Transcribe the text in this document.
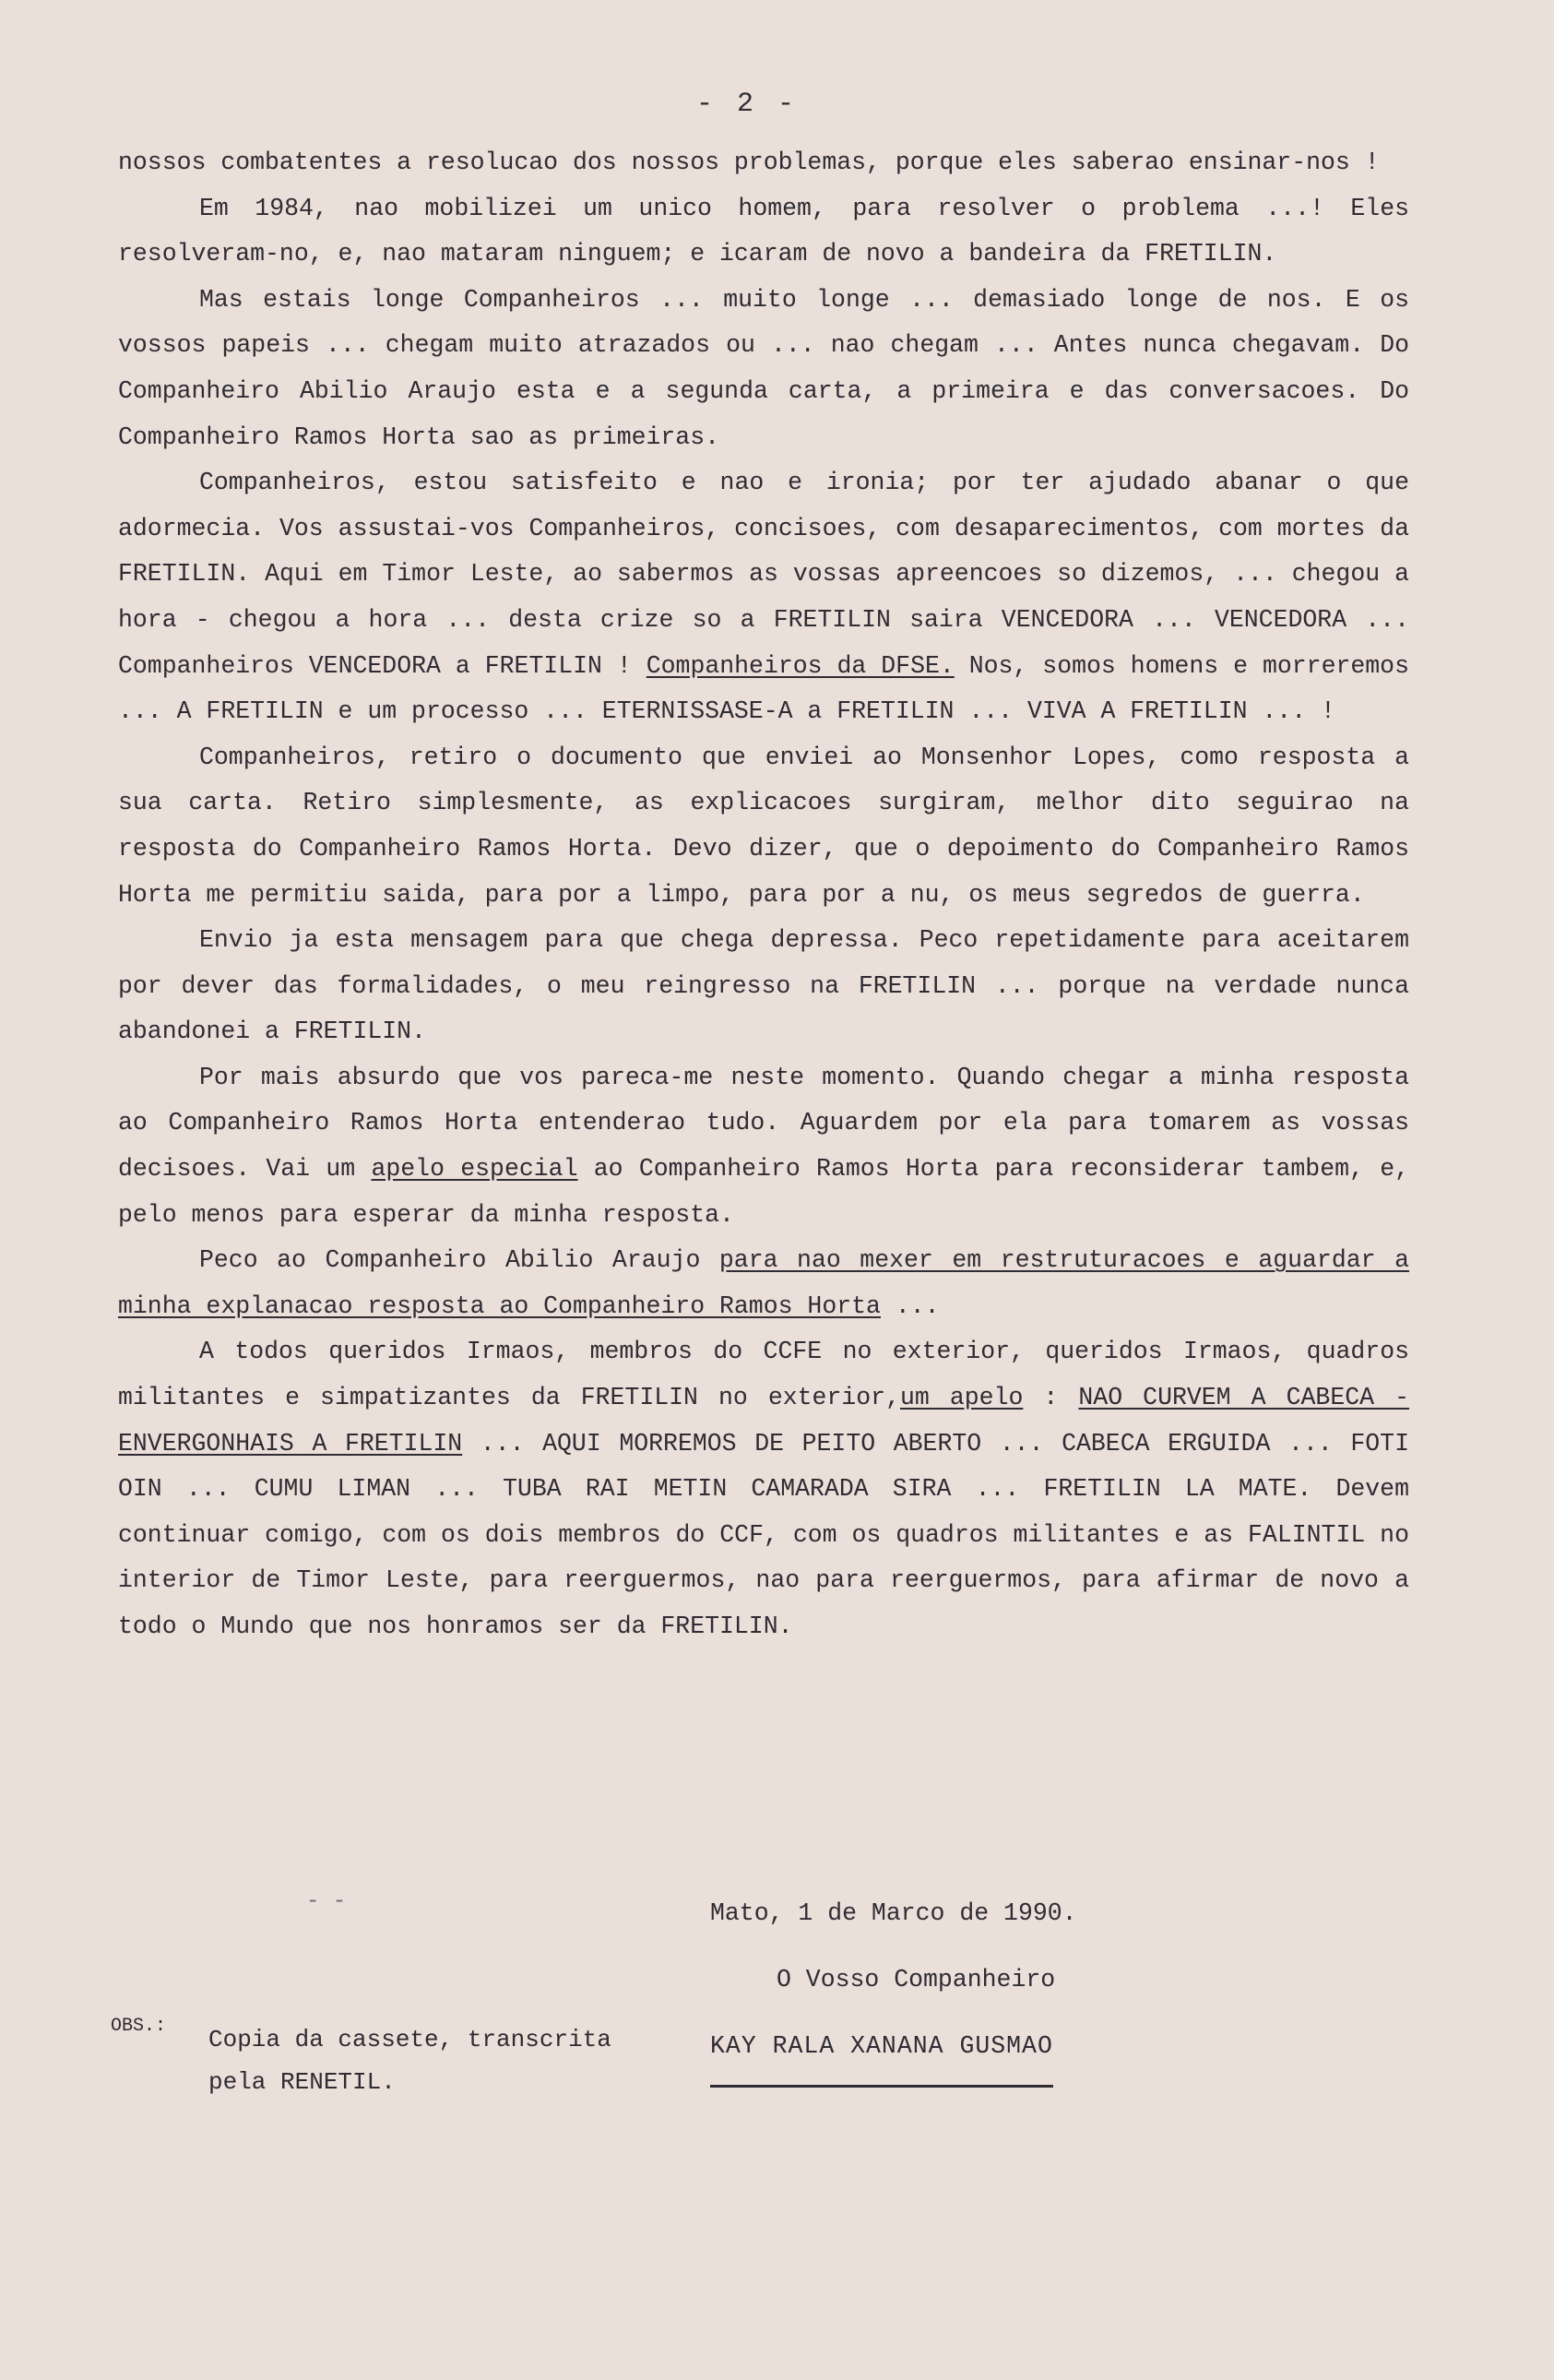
- 2 -

nossos combatentes a resolucao dos nossos problemas, porque eles saberao ensinar-nos !

Em 1984, nao mobilizei um unico homem, para resolver o problema ...! Eles resolveram-no, e, nao mataram ninguem; e icaram de novo a bandeira da FRETILIN.

Mas estais longe Companheiros ... muito longe ... demasiado longe de nos. E os vossos papeis ... chegam muito atrazados ou ... nao chegam ... Antes nunca chegavam. Do Companheiro Abilio Araujo esta e a segunda carta, a primeira e das conversacoes. Do Companheiro Ramos Horta sao as primeiras.

Companheiros, estou satisfeito e nao e ironia; por ter ajudado abanar o que adormecia. Vos assustai-vos Companheiros, concisoes, com desaparecimentos, com mortes da FRETILIN. Aqui em Timor Leste, ao sabermos as vossas apreencoes so dizemos, ... chegou a hora - chegou a hora ... desta crize so a FRETILIN saira VENCEDORA ... VENCEDORA ... Companheiros VENCEDORA a FRETILIN ! Companheiros da DFSE. Nos, somos homens e morreremos ... A FRETILIN e um processo ... ETERNISSASE-A a FRETILIN ... VIVA A FRETILIN ... !

Companheiros, retiro o documento que enviei ao Monsenhor Lopes, como resposta a sua carta. Retiro simplesmente, as explicacoes surgiram, melhor dito seguirao na resposta do Companheiro Ramos Horta. Devo dizer, que o depoimento do Companheiro Ramos Horta me permitiu saida, para por a limpo, para por a nu, os meus segredos de guerra.

Envio ja esta mensagem para que chega depressa. Peco repetidamente para aceitarem por dever das formalidades, o meu reingresso na FRETILIN ... porque na verdade nunca abandonei a FRETILIN.

Por mais absurdo que vos pareca-me neste momento. Quando chegar a minha resposta ao Companheiro Ramos Horta entenderao tudo. Aguardem por ela para tomarem as vossas decisoes. Vai um apelo especial ao Companheiro Ramos Horta para reconsiderar tambem, e, pelo menos para esperar da minha resposta.

Peco ao Companheiro Abilio Araujo para nao mexer em restruturacoes e aguardar a minha explanacao resposta ao Companheiro Ramos Horta ...

A todos queridos Irmaos, membros do CCFE no exterior, queridos Irmaos, quadros militantes e simpatizantes da FRETILIN no exterior,um apelo : NAO CURVEM A CABECA - ENVERGONHAIS A FRETILIN ... AQUI MORREMOS DE PEITO ABERTO ... CABECA ERGUIDA ... FOTI OIN ... CUMU LIMAN ... TUBA RAI METIN CAMARADA SIRA ... FRETILIN LA MATE. Devem continuar comigo, com os dois membros do CCF, com os quadros militantes e as FALINTIL no interior de Timor Leste, para reerguermos, nao para reerguermos, para afirmar de novo a todo o Mundo que nos honramos ser da FRETILIN.

- -	Mato, 1 de Marco de 1990.
O Vosso Companheiro
KAY RALA XANANA GUSMAO
OBS.: Copia da cassete, transcrita
pela RENETIL.
